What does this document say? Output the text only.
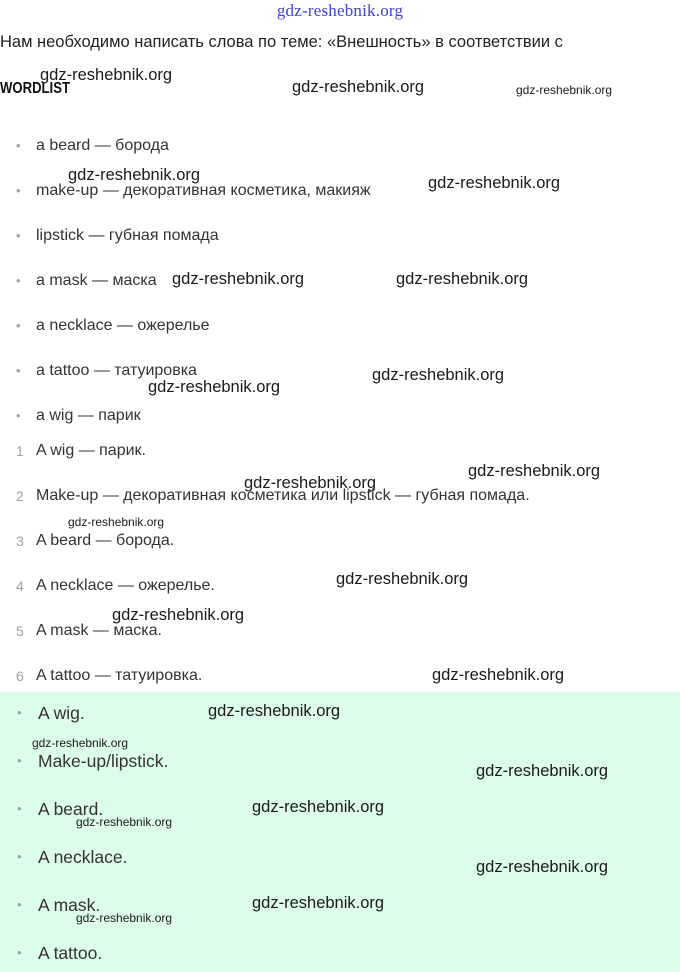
gdz-reshebnik.org
Нам необходимо написать слова по теме: «Внешность» в соответствии с
WORDLIST
• a beard — борода
• make-up — декоративная косметика, макияж
• lipstick — губная помада
• a mask — маска
• a necklace — ожерелье
• a tattoo — татуировка
• a wig — парик
1 A wig — парик.
2 Make-up — декоративная косметика или lipstick — губная помада.
3 A beard — борода.
4 A necklace — ожерелье.
5 A mask — маска.
6 A tattoo — татуировка.
• A wig.
• Make-up/lipstick.
• A beard.
• A necklace.
• A mask.
• A tattoo.
gdz-reshebnik.org
gdz-reshebnik.org	gdz-reshebnik.org
gdz-reshebnik.org	gdz-reshebnik.org
gdz-reshebnik.org	gdz-reshebnik.org
gdz-reshebnik.org
gdz-reshebnik.org
gdz-reshebnik.org
gdz-reshebnik.org
gdz-reshebnik.org
gdz-reshebnik.org
gdz-reshebnik.org
gdz-reshebnik.org
gdz-reshebnik.org
gdz-reshebnik.org
gdz-reshebnik.org
gdz-reshebnik.org
gdz-reshebnik.org
gdz-reshebnik.org
gdz-reshebnik.org
gdz-reshebnik.org
